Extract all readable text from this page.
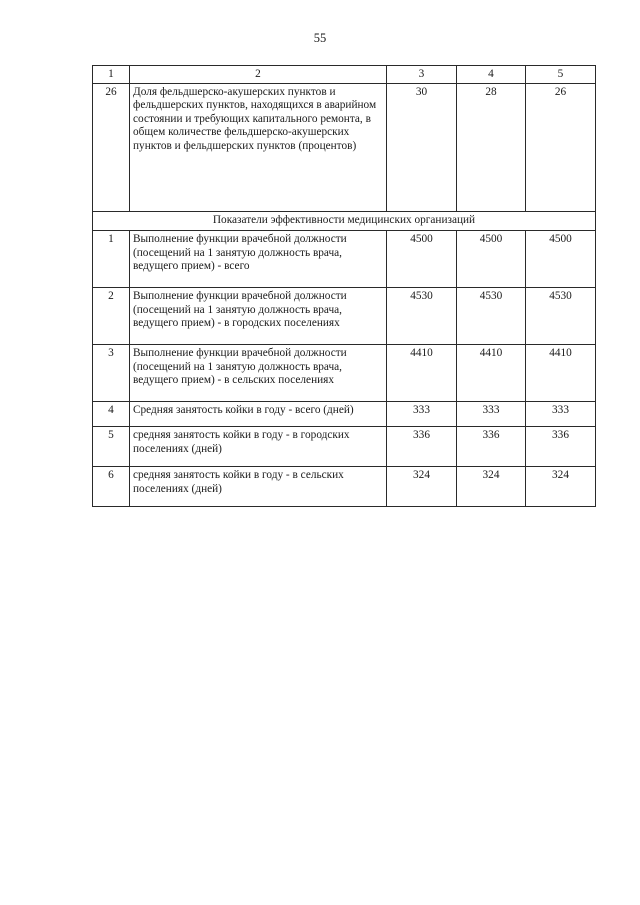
55
1	2	3	4	5
26	Доля фельдшерско-акушерских пунктов и фельдшерских пунктов, находящихся в аварийном состоянии и требующих капитального ремонта, в общем количестве фельдшерско-акушерских пунктов и фельдшерских пунктов (процентов)	30	28	26
Показатели эффективности медицинских организаций				
1	Выполнение функции врачебной должности (посещений на 1 занятую должность врача, ведущего прием) - всего	4500	4500	4500
2	Выполнение функции врачебной должности (посещений на 1 занятую должность врача, ведущего прием) - в городских поселениях	4530	4530	4530
3	Выполнение функции врачебной должности (посещений на 1 занятую должность врача, ведущего прием) - в сельских поселениях	4410	4410	4410
4	Средняя занятость койки в году - всего (дней)	333	333	333
5	средняя занятость койки в году - в городских поселениях (дней)	336	336	336
6	средняя занятость койки в году - в сельских поселениях (дней)	324	324	324
